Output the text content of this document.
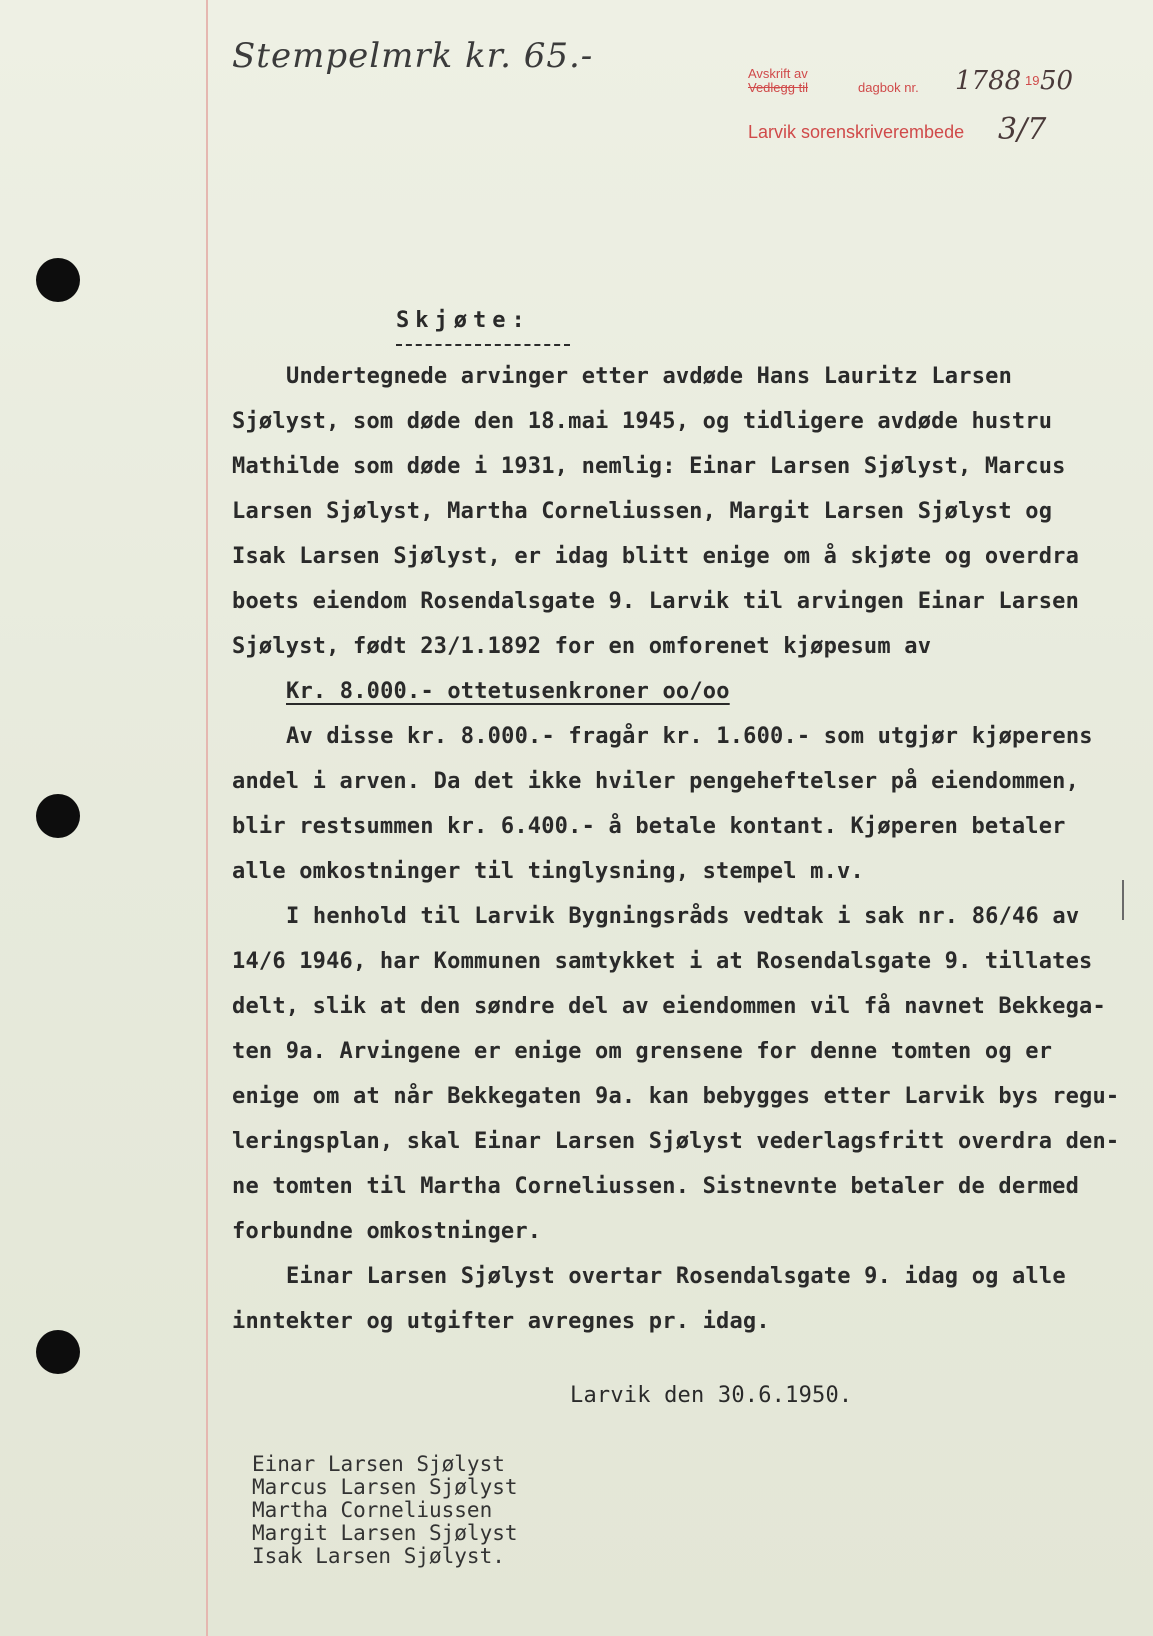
Stempelmrk kr. 65.-	Avskrift av
Vedlegg til	dagbok nr. 1788 19 50
Larvik sorenskriverembede 3/7
Skjøte:
Undertegnede arvinger etter avdøde Hans Lauritz Larsen
Sjølyst, som døde den 18.mai 1945, og tidligere avdøde hustru
Mathilde som døde i 1931, nemlig: Einar Larsen Sjølyst, Marcus
Larsen Sjølyst, Martha Corneliussen, Margit Larsen Sjølyst og
Isak Larsen Sjølyst, er idag blitt enige om å skjøte og overdra
boets eiendom Rosendalsgate 9. Larvik til arvingen Einar Larsen
Sjølyst, født 23/1.1892 for en omforenet kjøpesum av
Kr. 8.000.- ottetusenkroner oo/oo
Av disse kr. 8.000.- fragår kr. 1.600.- som utgjør kjøperens
andel i arven. Da det ikke hviler pengeheftelser på eiendommen,
blir restsummen kr. 6.400.- å betale kontant. Kjøperen betaler
alle omkostninger til tinglysning, stempel m.v.
I henhold til Larvik Bygningsråds vedtak i sak nr. 86/46 av
14/6 1946, har Kommunen samtykket i at Rosendalsgate 9. tillates
delt, slik at den søndre del av eiendommen vil få navnet Bekkega-
ten 9a. Arvingene er enige om grensene for denne tomten og er
enige om at når Bekkegaten 9a. kan bebygges etter Larvik bys regu-
leringsplan, skal Einar Larsen Sjølyst vederlagsfritt overdra den-
ne tomten til Martha Corneliussen. Sistnevnte betaler de dermed
forbundne omkostninger.
Einar Larsen Sjølyst overtar Rosendalsgate 9. idag og alle
inntekter og utgifter avregnes pr. idag.
Larvik den 30.6.1950.
Einar Larsen Sjølyst
Marcus Larsen Sjølyst
Martha Corneliussen
Margit Larsen Sjølyst
Isak Larsen Sjølyst.
